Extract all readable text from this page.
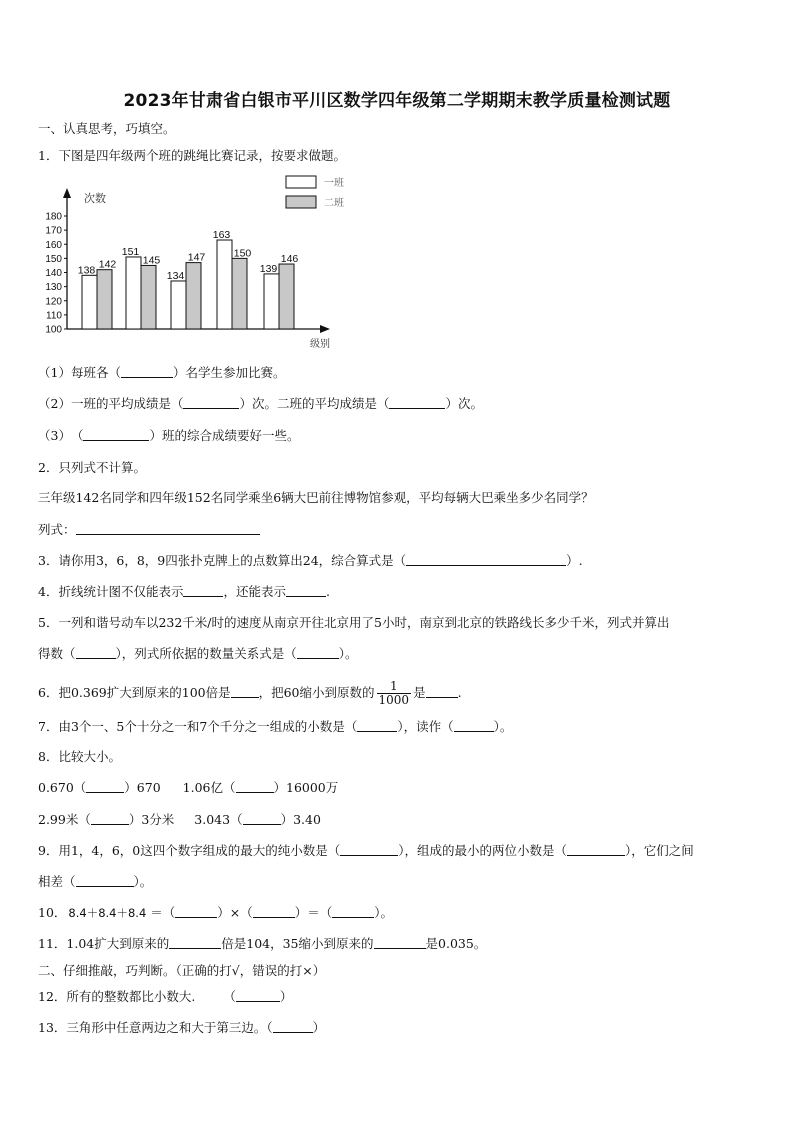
2023年甘肃省白银市平川区数学四年级第二学期期末教学质量检测试题
一、认真思考，巧填空。
1．下图是四年级两个班的跳绳比赛记录，按要求做题。
次数
级别
100
110
120
130
140
150
160
170
180
138 142
151
145
134
147
163
150
139
146
一班
二班
（1）每班各（	）名学生参加比赛。
（2）一班的平均成绩是（	）次。二班的平均成绩是（	）次。
（3）　（	）班的综合成绩要好一些。
2．只列式不计算。
三年级142名同学和四年级152名同学乘坐6辆大巴前往博物馆参观，平均每辆大巴乘坐多少名同学？
列式：
3．请你用3，6，8，9四张扑克牌上的点数算出24，综合算式是（	）.
4．折线统计图不仅能表示	，还能表示	.
5．一列和谐号动车以232千米/时的速度从南京开往北京用了5小时，南京到北京的铁路线长多少千米，列式并算出
得数（	），列式所依据的数量关系式是（	）。
6．把0.369扩大到原来的100倍是 ，把60缩小到原数的 $\frac{1}{1000}$ 是	.
7．由3个一、5个十分之一和7个千分之一组成的小数是（	），读作（	）。
8．比较大小。
0.670（	）670 1.06亿（	）16000万
2.99米（	）3分米 3.043（	）3.40
9．用1，4，6，0这四个数字组成的最大的纯小数是（	），组成的最小的两位小数是（	），它们之间
相差（	）。
10． 8.4＋8.4＋8.4 ＝（	）×（	）＝（	）。
11．1.04扩大到原来的	倍是104，35缩小到原来的	是0.035。
二、仔细推敲，巧判断。（正确的打√，错误的打×）
12．所有的整数都比小数大. （	）
13．三角形中任意两边之和大于第三边。（	）
